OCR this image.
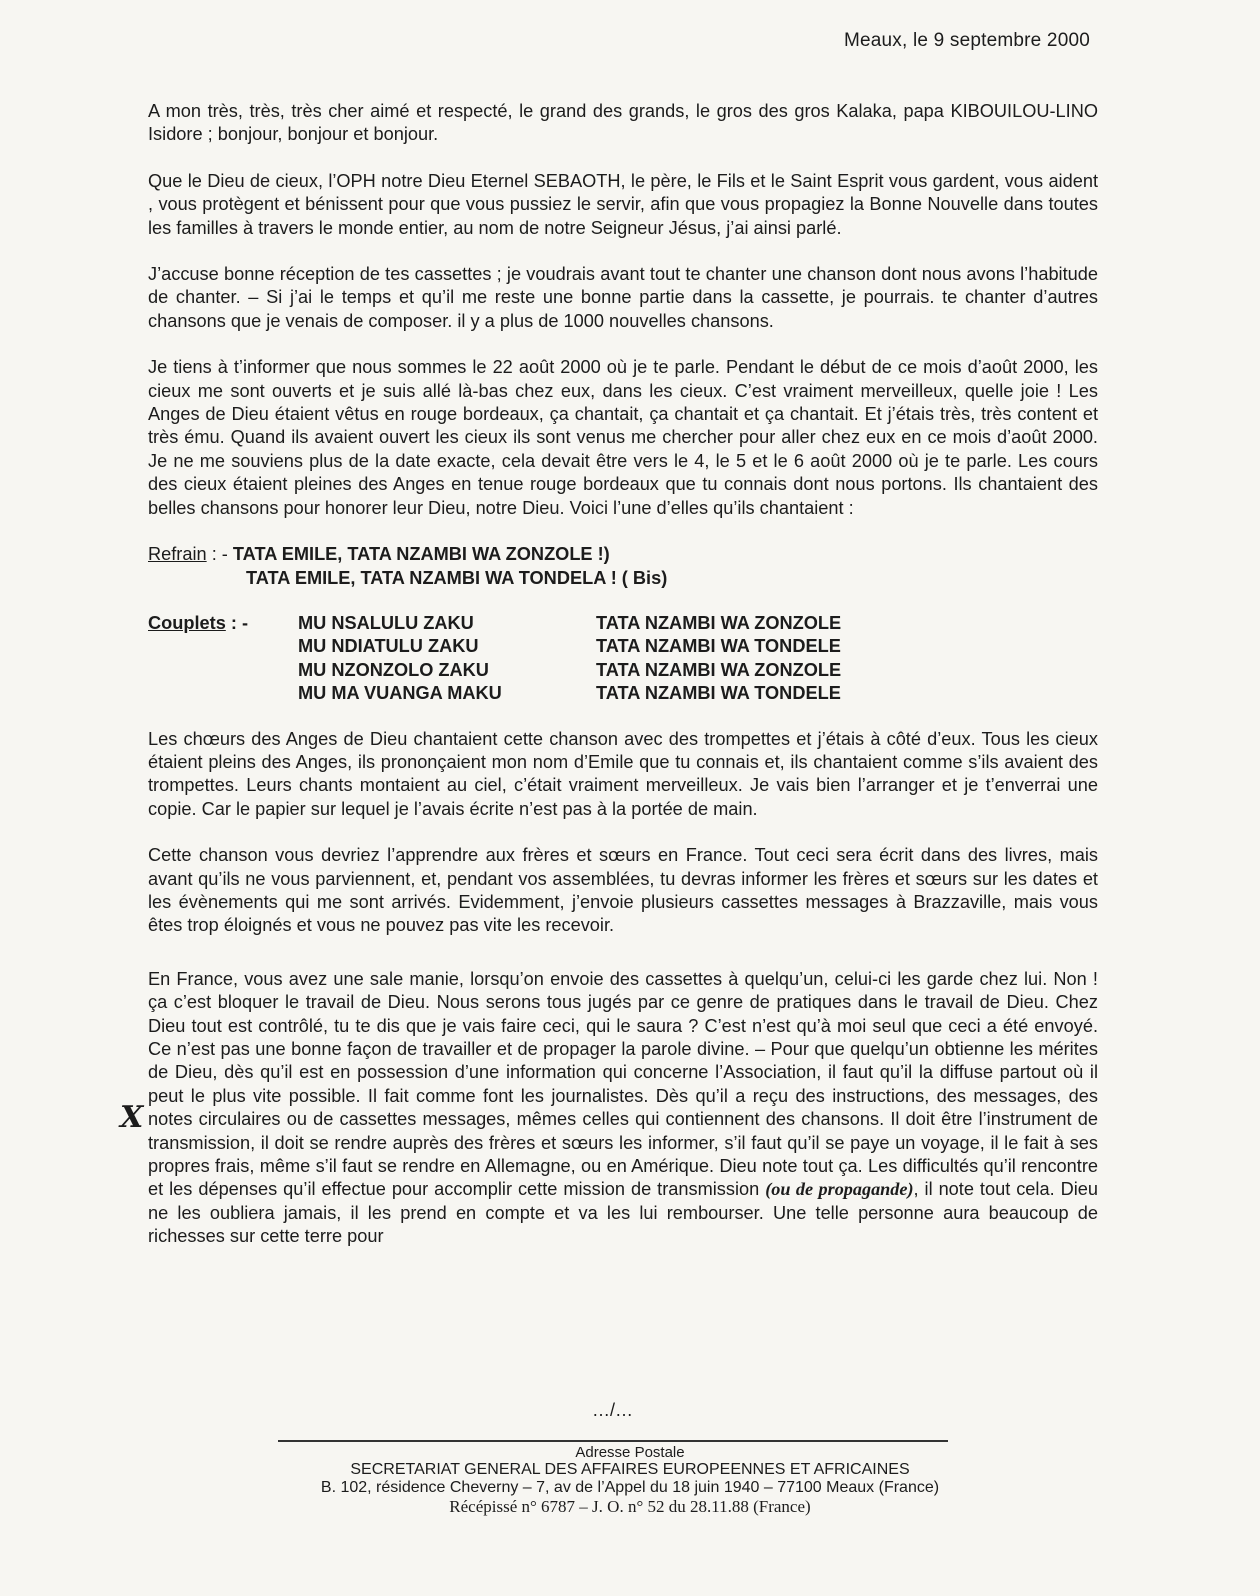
Meaux, le 9 septembre 2000

A mon très, très, très cher aimé et respecté, le grand des grands, le gros des gros Kalaka, papa KIBOUILOU-LINO Isidore ; bonjour, bonjour et bonjour.

Que le Dieu de cieux, l’OPH notre Dieu Eternel SEBAOTH, le père, le Fils et le Saint Esprit vous gardent, vous aident , vous protègent et bénissent pour que vous pussiez le servir, afin que vous propagiez la Bonne Nouvelle dans toutes les familles à travers le monde entier, au nom de notre Seigneur Jésus, j’ai ainsi parlé.

J’accuse bonne réception de tes cassettes ; je voudrais avant tout te chanter une chanson dont nous avons l’habitude de chanter. – Si j’ai le temps et qu’il me reste une bonne partie dans la cassette, je pourrais. te chanter d’autres chansons que je venais de composer. il y a plus de 1000 nouvelles chansons.

Je tiens à t’informer que nous sommes le 22 août 2000 où je te parle. Pendant le début de ce mois d’août 2000, les cieux me sont ouverts et je suis allé là-bas chez eux, dans les cieux. C’est vraiment merveilleux, quelle joie ! Les Anges de Dieu étaient vêtus en rouge bordeaux, ça chantait, ça chantait et ça chantait. Et j’étais très, très content et très ému. Quand ils avaient ouvert les cieux ils sont venus me chercher pour aller chez eux en ce mois d’août 2000. Je ne me souviens plus de la date exacte, cela devait être vers le 4, le 5 et le 6 août 2000 où je te parle. Les cours des cieux étaient pleines des Anges en tenue rouge bordeaux que tu connais dont nous portons. Ils chantaient des belles chansons pour honorer leur Dieu, notre Dieu. Voici l’une d’elles qu’ils chantaient :

Refrain : - TATA EMILE, TATA NZAMBI WA ZONZOLE !)
TATA EMILE, TATA NZAMBI WA TONDELA ! ( Bis)
Couplets : -	MU NSALULU ZAKU	TATA NZAMBI WA ZONZOLE
MU NDIATULU ZAKU	TATA NZAMBI WA TONDELE
MU NZONZOLO ZAKU	TATA NZAMBI WA ZONZOLE
MU MA VUANGA MAKU	TATA NZAMBI WA TONDELE

Les chœurs des Anges de Dieu chantaient cette chanson avec des trompettes et j’étais à côté d’eux. Tous les cieux étaient pleins des Anges, ils prononçaient mon nom d’Emile que tu connais et, ils chantaient comme s’ils avaient des trompettes. Leurs chants montaient au ciel, c’était vraiment merveilleux. Je vais bien l’arranger et je t’enverrai une copie. Car le papier sur lequel je l’avais écrite n’est pas à la portée de main.

Cette chanson vous devriez l’apprendre aux frères et sœurs en France. Tout ceci sera écrit dans des livres, mais avant qu’ils ne vous parviennent, et, pendant vos assemblées, tu devras informer les frères et sœurs sur les dates et les évènements qui me sont arrivés. Evidemment, j’envoie plusieurs cassettes messages à Brazzaville, mais vous êtes trop éloignés et vous ne pouvez pas vite les recevoir.

En France, vous avez une sale manie, lorsqu’on envoie des cassettes à quelqu’un, celui-ci les garde chez lui. Non ! ça c’est bloquer le travail de Dieu. Nous serons tous jugés par ce genre de pratiques dans le travail de Dieu. Chez Dieu tout est contrôlé, tu te dis que je vais faire ceci, qui le saura ? C’est n’est qu’à moi seul que ceci a été envoyé. Ce n’est pas une bonne façon de travailler et de propager la parole divine. – Pour que quelqu’un obtienne les mérites de Dieu, dès qu’il est en possession d’une information qui concerne l’Association, il faut qu’il la diffuse partout où il peut le plus vite possible. Il fait comme font les journalistes. Dès qu’il a reçu des instructions, des messages, des notes circulaires ou de cassettes messages, mêmes celles qui contiennent des chansons. Il doit être l’instrument de transmission, il doit se rendre auprès des frères et sœurs les informer, s’il faut qu’il se paye un voyage, il le fait à ses propres frais, même s’il faut se rendre en Allemagne, ou en Amérique. Dieu note tout ça. Les difficultés qu’il rencontre et les dépenses qu’il effectue pour accomplir cette mission de transmission (ou de propagande), il note tout cela. Dieu ne les oubliera jamais, il les prend en compte et va les lui rembourser. Une telle personne aura beaucoup de richesses sur cette terre pour

X
…/…
Adresse Postale
SECRETARIAT GENERAL DES AFFAIRES EUROPEENNES ET AFRICAINES
B. 102, résidence Cheverny – 7, av de l’Appel du 18 juin 1940 – 77100 Meaux (France)
Récépissé n° 6787 – J. O. n° 52 du 28.11.88 (France)
